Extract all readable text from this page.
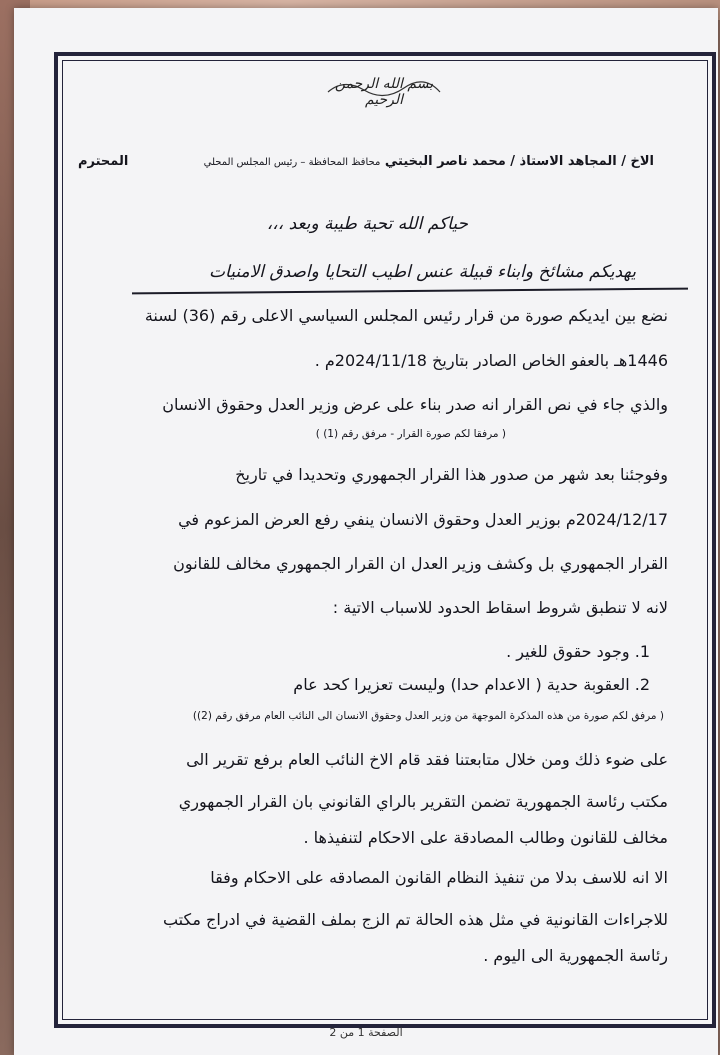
بسم الله الرحمن الرحيم
الاخ / المجاهد الاستاذ / محمد ناصر البخيتي محافظ المحافظة – رئيس المجلس المحلي
المحترم
حياكم الله تحية طيبة وبعد ،،،
يهديكم مشائخ وابناء قبيلة عنس اطيب التحايا واصدق الامنيات
نضع بين ايديكم صورة من قرار رئيس المجلس السياسي الاعلى رقم (36) لسنة
1446هـ بالعفو الخاص الصادر بتاريخ 2024/11/18م .
والذي جاء في نص القرار انه صدر بناء على عرض وزير العدل وحقوق الانسان
( مرفقا لكم صورة القرار - مرفق رقم (1) )
وفوجئنا بعد شهر من صدور هذا القرار الجمهوري وتحديدا في تاريخ
2024/12/17م بوزير العدل وحقوق الانسان ينفي رفع العرض المزعوم في
القرار الجمهوري بل وكشف وزير العدل ان القرار الجمهوري مخالف للقانون
لانه لا تنطبق شروط اسقاط الحدود للاسباب الاتية :
1. وجود حقوق للغير .
2. العقوبة حدية ( الاعدام حدا) وليست تعزيرا كحد عام
( مرفق لكم صورة من هذه المذكرة الموجهة من وزير العدل وحقوق الانسان الى النائب العام مرفق رقم (2))
على ضوء ذلك ومن خلال متابعتنا فقد قام الاخ النائب العام برفع تقرير الى
مكتب رئاسة الجمهورية تضمن التقرير بالراي القانوني بان القرار الجمهوري
مخالف للقانون وطالب المصادقة على الاحكام لتنفيذها .
الا انه للاسف بدلا من تنفيذ النظام القانون المصادقه على الاحكام وفقا
للاجراءات القانونية في مثل هذه الحالة تم الزج بملف القضية في ادراج مكتب
رئاسة الجمهورية الى اليوم .
الصفحة 1 من 2
